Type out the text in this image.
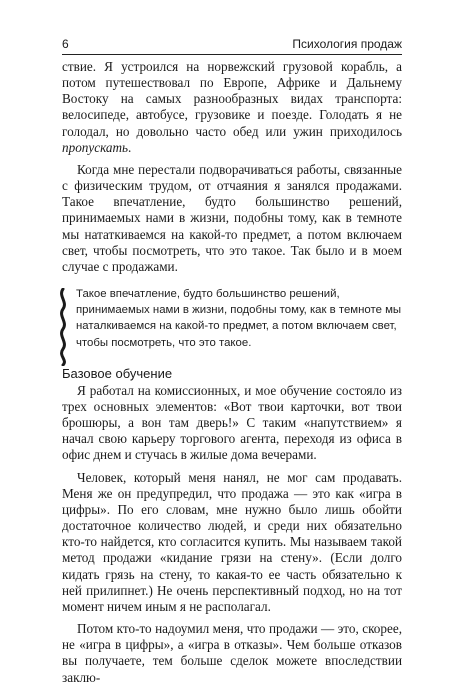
6	Психология продаж

ствие. Я устроился на норвежский грузовой корабль, а потом путешествовал по Европе, Африке и Дальнему Востоку на самых разнообразных видах транспорта: велосипеде, автобусе, грузовике и поезде. Голодать я не голодал, но довольно часто обед или ужин приходилось пропускать.

Когда мне перестали подворачиваться работы, связанные с физическим трудом, от отчаяния я занялся продажами. Такое впечатление, будто большинство решений, принимаемых нами в жизни, подобны тому, как в темноте мы нататкиваемся на какой-то предмет, а потом включаем свет, чтобы посмотреть, что это такое. Так было и в моем случае с продажами.

Такое впечатление, будто большинство решений, принимаемых нами в жизни, подобны тому, как в темноте мы наталкиваемся на какой-то предмет, а потом включаем свет, чтобы посмотреть, что это такое.
Базовое обучение

Я работал на комиссионных, и мое обучение состояло из трех основных элементов: «Вот твои карточки, вот твои брошюры, а вон там дверь!» С таким «напутствием» я начал свою карьеру торгового агента, переходя из офиса в офис днем и стучась в жилые дома вечерами.

Человек, который меня нанял, не мог сам продавать. Меня же он предупредил, что продажа — это как «игра в цифры». По его словам, мне нужно было лишь обойти достаточное количество людей, и среди них обязательно кто-то найдется, кто согласится купить. Мы называем такой метод продажи «кидание грязи на стену». (Если долго кидать грязь на стену, то какая-то ее часть обязательно к ней прилипнет.) Не очень перспективный подход, но на тот момент ничем иным я не располагал.

Потом кто-то надоумил меня, что продажи — это, скорее, не «игра в цифры», а «игра в отказы». Чем больше отказов вы получаете, тем больше сделок можете впоследствии заклю-
